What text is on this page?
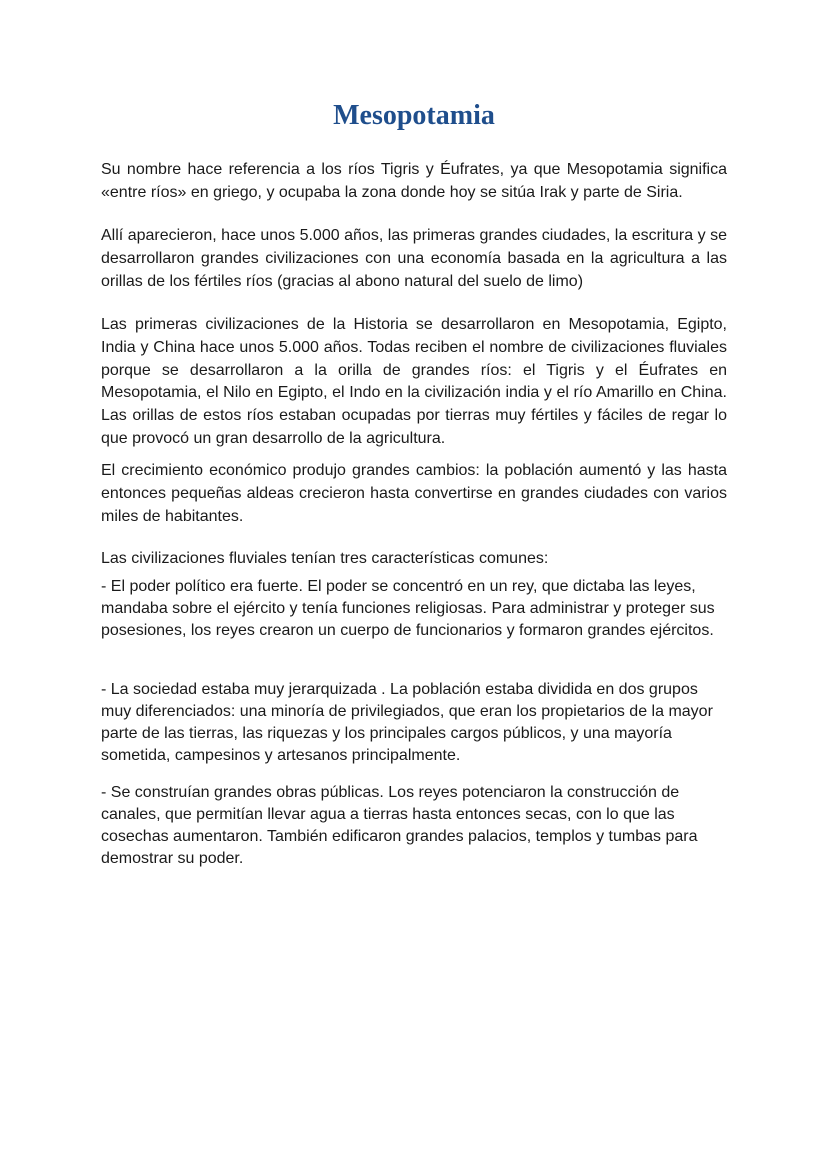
Mesopotamia

Su nombre hace referencia a los ríos Tigris y Éufrates, ya que Mesopotamia significa «entre ríos» en griego, y ocupaba la zona donde hoy se sitúa Irak y parte de Siria.

Allí aparecieron, hace unos 5.000 años, las primeras grandes ciudades, la escritura y se desarrollaron grandes civilizaciones con una economía basada en la agricultura a las orillas de los fértiles ríos (gracias al abono natural del suelo de limo)

Las primeras civilizaciones de la Historia se desarrollaron en Mesopotamia, Egipto, India y China hace unos 5.000 años. Todas reciben el nombre de civilizaciones fluviales porque se desarrollaron a la orilla de grandes ríos: el Tigris y el Éufrates en Mesopotamia, el Nilo en Egipto, el Indo en la civilización india y el río Amarillo en China. Las orillas de estos ríos estaban ocupadas por tierras muy fértiles y fáciles de regar lo que provocó un gran desarrollo de la agricultura.

El crecimiento económico produjo grandes cambios: la población aumentó y las hasta entonces pequeñas aldeas crecieron hasta convertirse en grandes ciudades con varios miles de habitantes.

Las civilizaciones fluviales tenían tres características comunes:

- El poder político era fuerte. El poder se concentró en un rey, que dictaba las leyes, mandaba sobre el ejército y tenía funciones religiosas. Para administrar y proteger sus posesiones, los reyes crearon un cuerpo de funcionarios y formaron grandes ejércitos.

- La sociedad estaba muy jerarquizada . La población estaba dividida en dos grupos muy diferenciados: una minoría de privilegiados, que eran los propietarios de la mayor parte de las tierras, las riquezas y los principales cargos públicos, y una mayoría sometida, campesinos y artesanos principalmente.

- Se construían grandes obras públicas. Los reyes potenciaron la construcción de canales, que permitían llevar agua a tierras hasta entonces secas, con lo que las cosechas aumentaron. También edificaron grandes palacios, templos y tumbas para demostrar su poder.
